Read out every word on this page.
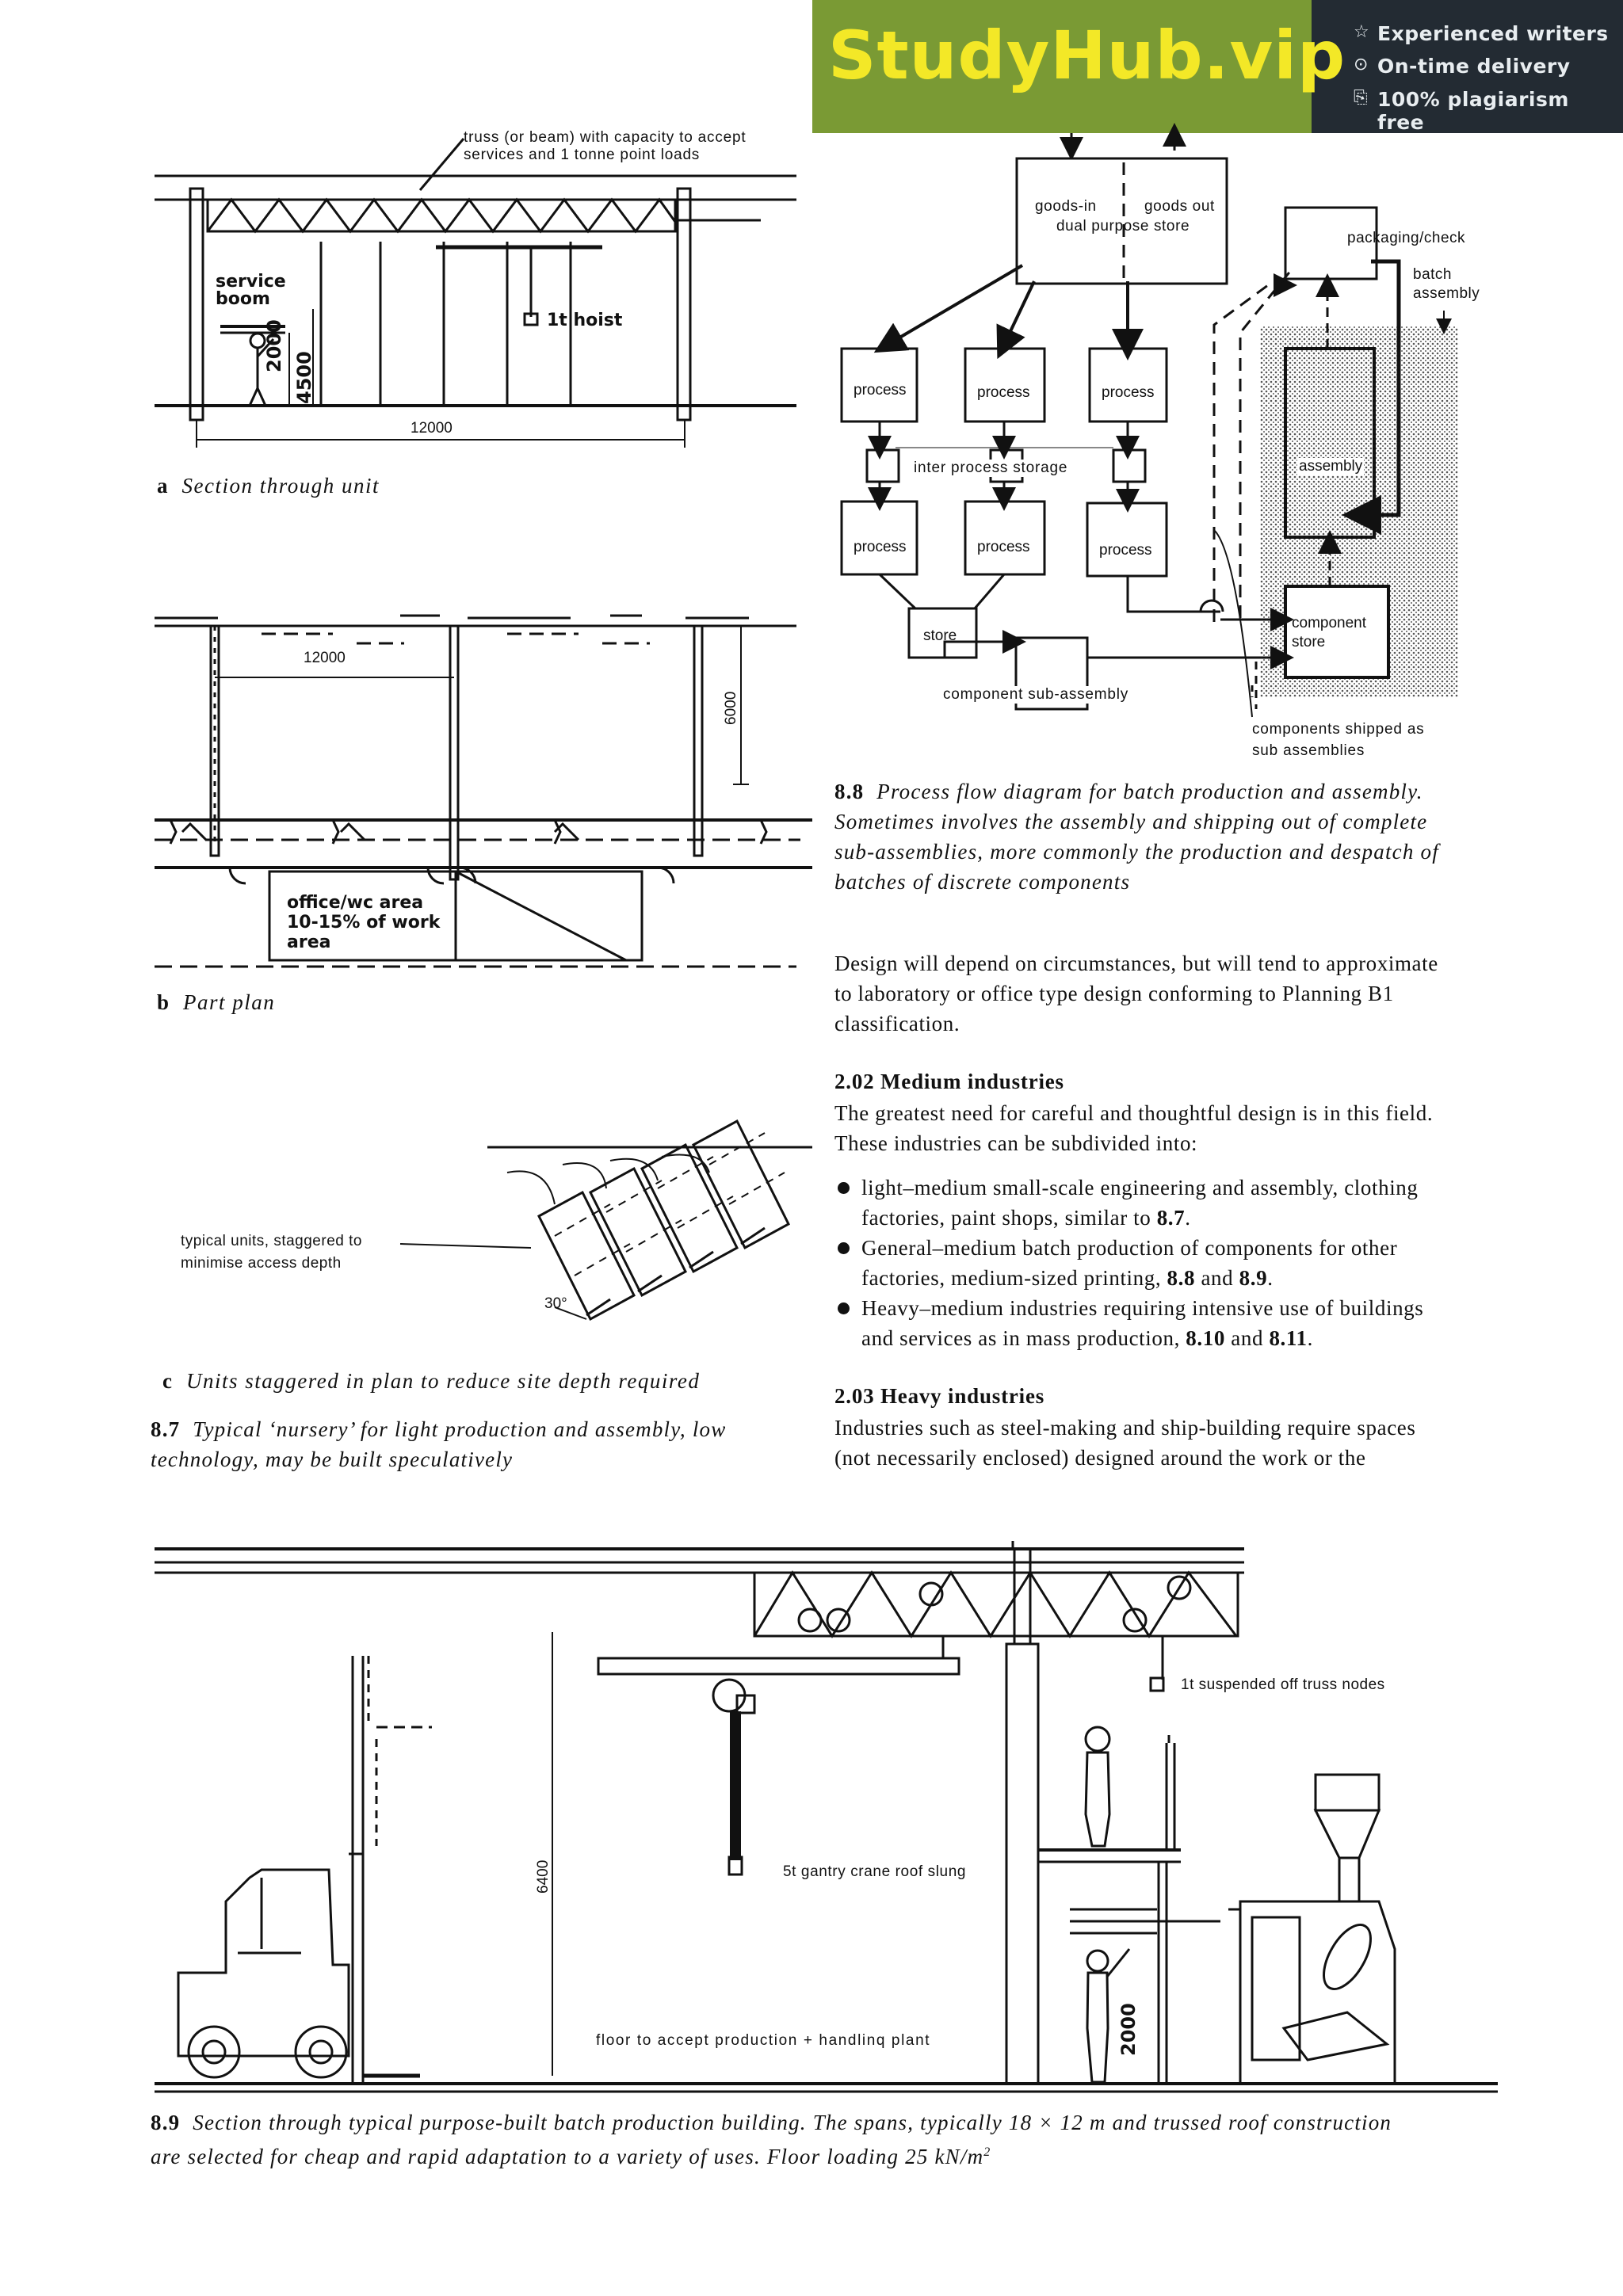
StudyHub.vip ☆ Experienced writers
⊙ On-time delivery
⎘ 100% plagiarism free
truss (or beam) with capacity to accept
services and 1 tonne point loads
service
boom
1t hoist
2000
4500
12000
a Section through unit
12000
6000
office/wc area
10-15% of work
area
b Part plan
typical units, staggered to
minimise access depth
30°
c Units staggered in plan to reduce site depth required
8.7 Typical ‘nursery’ for light production and assembly, low technology, may be built speculatively
goods-in	goods out
dual purpose store
packaging/check
batch
assembly
process	process	process
inter process storage	assembly
process	process	process
store
component
store
component sub-assembly
components shipped as
sub assemblies
8.8 Process flow diagram for batch production and assembly.
Sometimes involves the assembly and shipping out of complete
sub-assemblies, more commonly the production and despatch of
batches of discrete components
Design will depend on circumstances, but will tend to approximate
to laboratory or office type design conforming to Planning B1
classification.
2.02 Medium industries
The greatest need for careful and thoughtful design is in this field.
These industries can be subdivided into:
light–medium small-scale engineering and assembly, clothing
factories, paint shops, similar to 8.7.
General–medium batch production of components for other
factories, medium-sized printing, 8.8 and 8.9.
Heavy–medium industries requiring intensive use of buildings
and services as in mass production, 8.10 and 8.11.
2.03 Heavy industries
Industries such as steel-making and ship-building require spaces
(not necessarily enclosed) designed around the work or the
1t suspended off truss nodes
5t gantry crane roof slung
6400
floor to accept production + handlinq plant	2000
8.9 Section through typical purpose-built batch production building. The spans, typically 18 × 12 m and trussed roof construction
are selected for cheap and rapid adaptation to a variety of uses. Floor loading 25 $kN/m^2$
